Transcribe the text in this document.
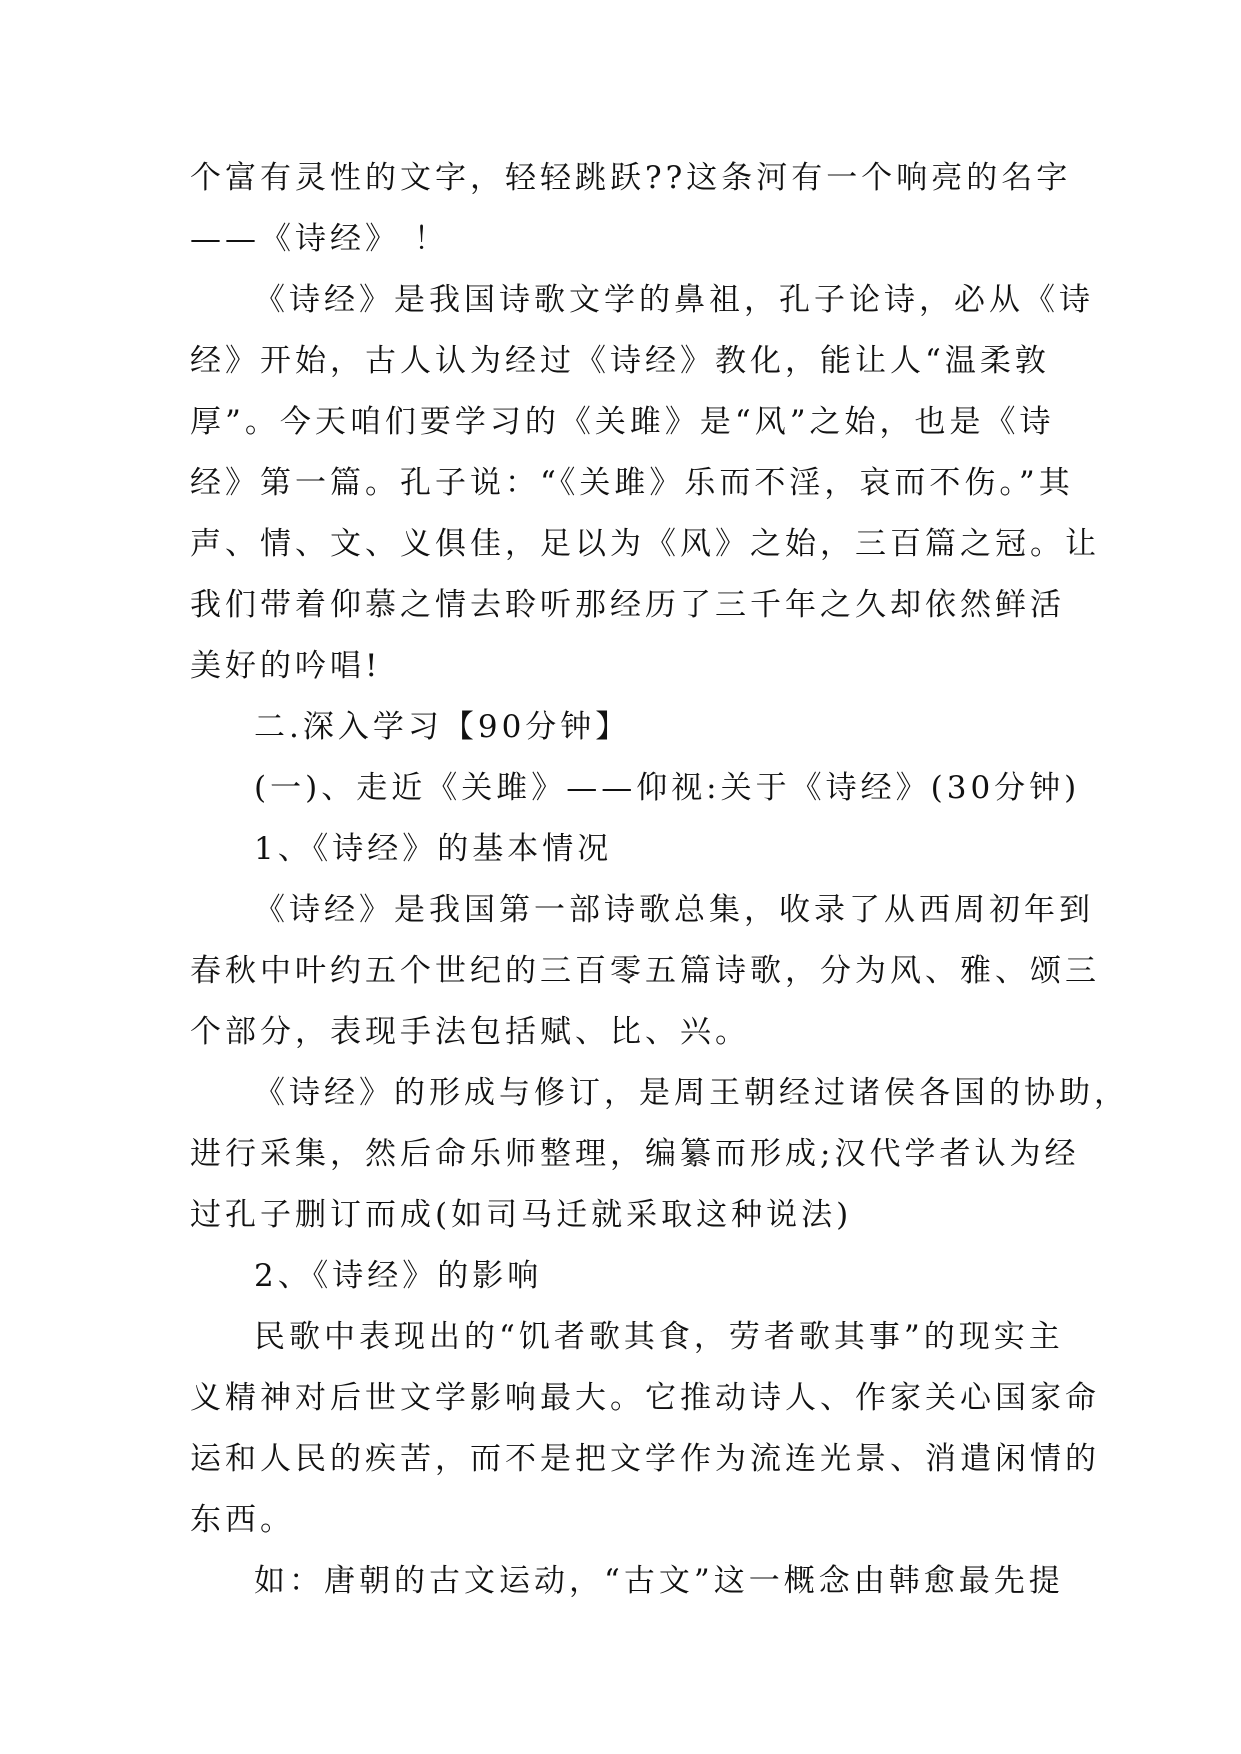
个富有灵性的文字，轻轻跳跃??这条河有一个响亮的名字
——《诗经》 ！
《诗经》是我国诗歌文学的鼻祖，孔子论诗，必从《诗
经》开始，古人认为经过《诗经》教化，能让人“温柔敦
厚”。今天咱们要学习的《关雎》是“风”之始，也是《诗
经》第一篇。孔子说：“《关雎》乐而不淫，哀而不伤。”其
声、情、文、义俱佳，足以为《风》之始，三百篇之冠。让
我们带着仰慕之情去聆听那经历了三千年之久却依然鲜活
美好的吟唱!
二.深入学习【90分钟】
(一)、走近《关雎》——仰视:关于《诗经》(30分钟)
1、《诗经》的基本情况
《诗经》是我国第一部诗歌总集，收录了从西周初年到
春秋中叶约五个世纪的三百零五篇诗歌，分为风、雅、颂三
个部分，表现手法包括赋、比、兴。
《诗经》的形成与修订，是周王朝经过诸侯各国的协助，
进行采集，然后命乐师整理，编纂而形成;汉代学者认为经
过孔子删订而成(如司马迁就采取这种说法)
2、《诗经》的影响
民歌中表现出的“饥者歌其食，劳者歌其事”的现实主
义精神对后世文学影响最大。它推动诗人、作家关心国家命
运和人民的疾苦，而不是把文学作为流连光景、消遣闲情的
东西。
如：唐朝的古文运动，“古文”这一概念由韩愈最先提
